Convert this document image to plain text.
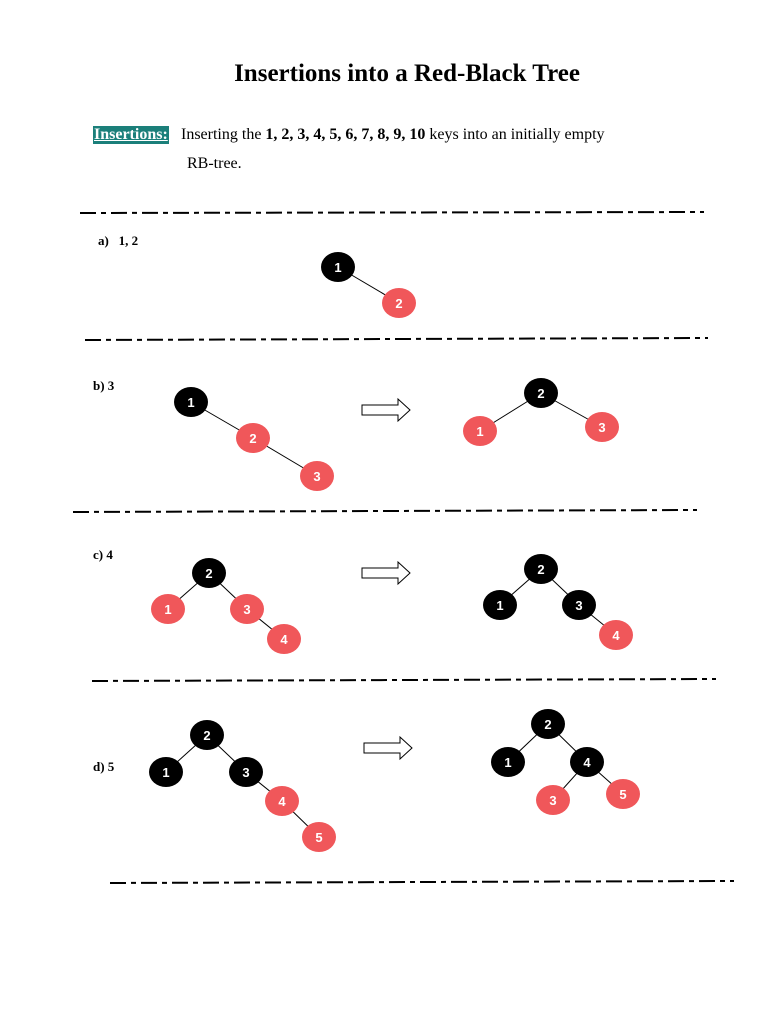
Insertions into a Red-Black Tree
Insertions: Inserting the 1, 2, 3, 4, 5, 6, 7, 8, 9, 10 keys into an initially empty
RB-tree.
a)   1, 2
b) 3
c) 4
d) 5
1
2
1
2
3
2
1	3
2
1	3
4
2
1	3
4
2
1	3
4
5
2
1	4
3	5
